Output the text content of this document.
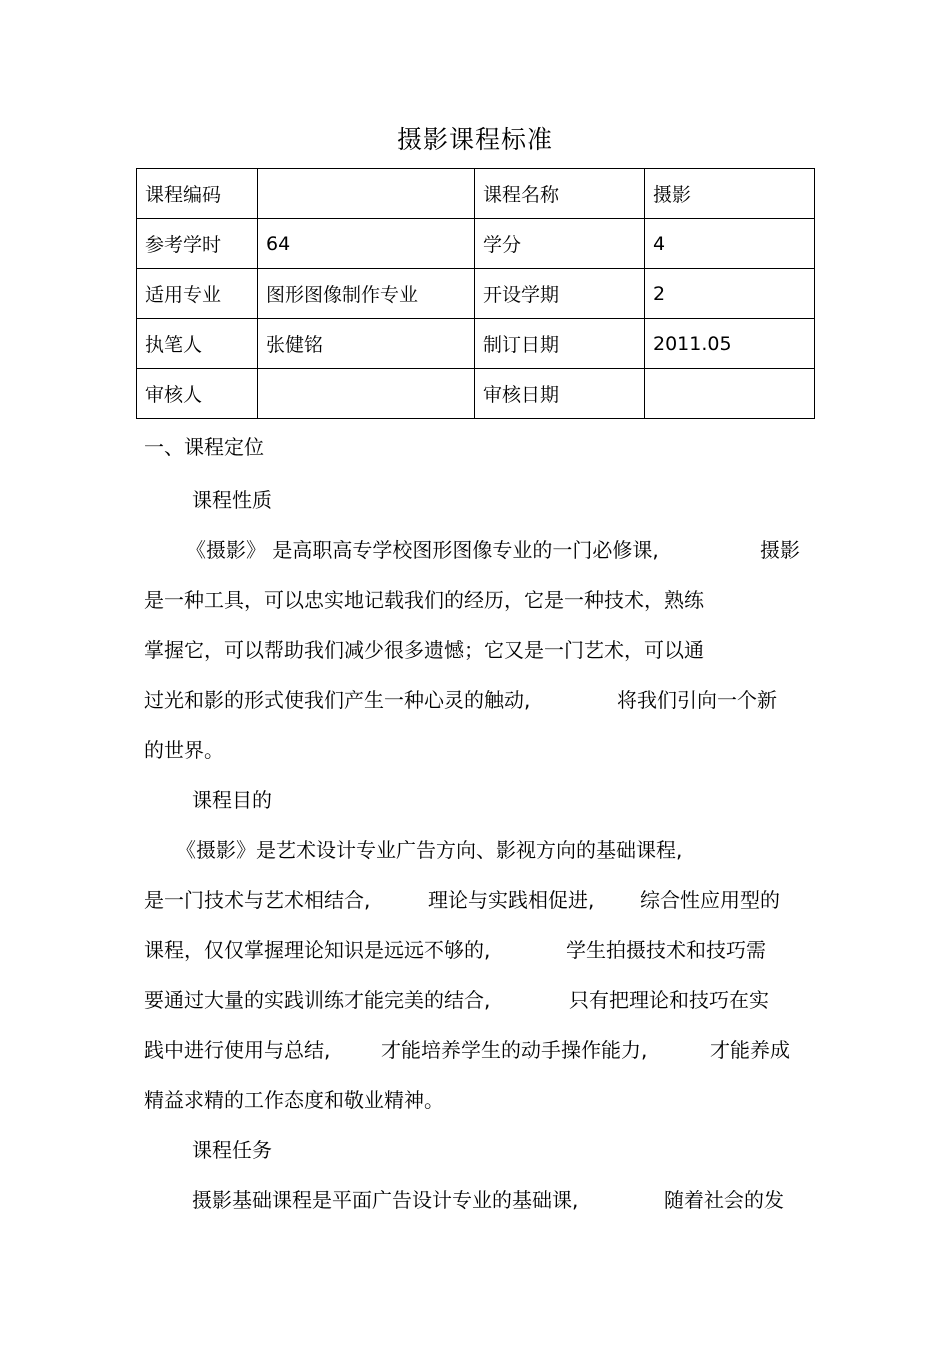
摄影课程标准
课程编码		课程名称	摄影
参考学时	64	学分	4
适用专业	图形图像制作专业	开设学期	2
执笔人	张健铭	制订日期	2011.05
审核人		审核日期	
一、课程定位
课程性质
《摄影》 是高职高专学校图形图像专业的一门必修课,	摄影
是一种工具，可以忠实地记载我们的经历，它是一种技术，熟练
掌握它，可以帮助我们减少很多遗憾；它又是一门艺术，可以通
过光和影的形式使我们产生一种心灵的触动,	将我们引向一个新
的世界。
课程目的
《摄影》是艺术设计专业广告方向、影视方向的基础课程,
是一门技术与艺术相结合,	理论与实践相促进, 综合性应用型的
课程，仅仅掌握理论知识是远远不够的,	学生拍摄技术和技巧需
要通过大量的实践训练才能完美的结合,	只有把理论和技巧在实
践中进行使用与总结,	才能培养学生的动手操作能力,	才能养成
精益求精的工作态度和敬业精神。
课程任务
摄影基础课程是平面广告设计专业的基础课,	随着社会的发
